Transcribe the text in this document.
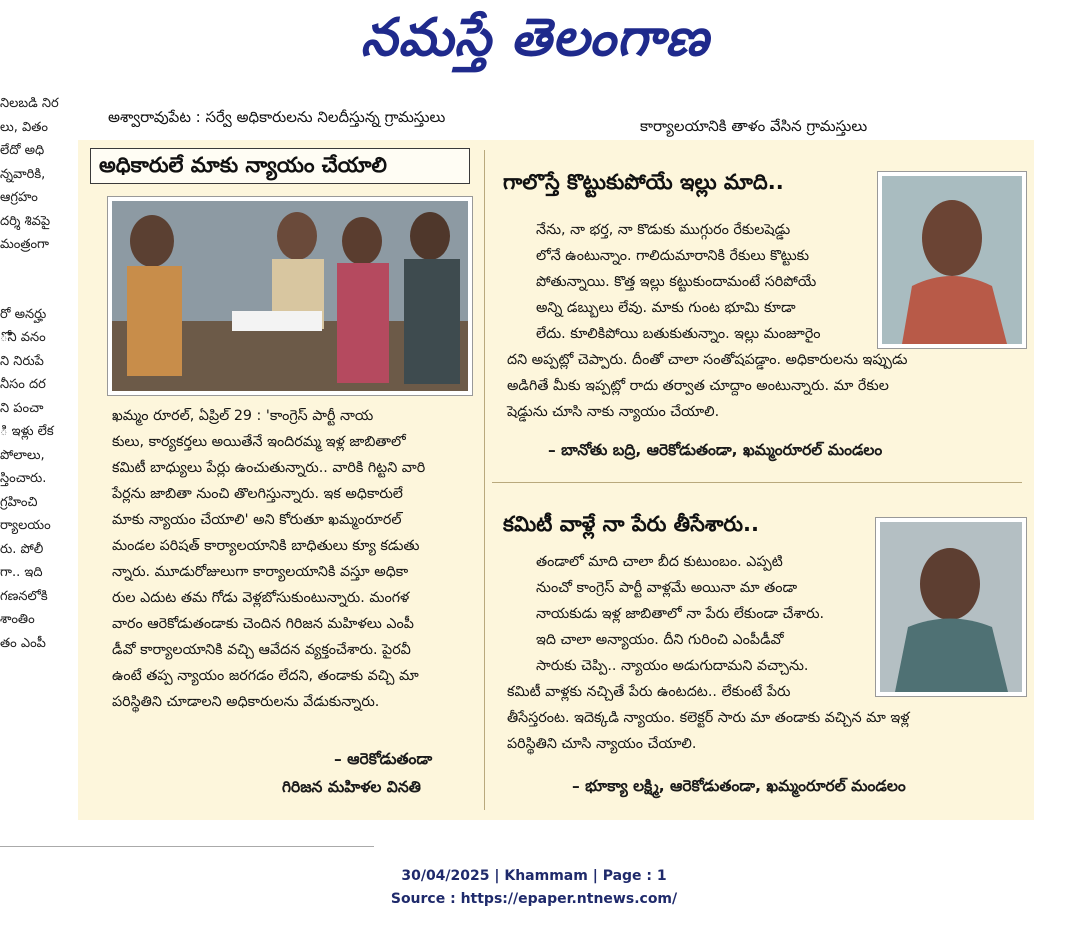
నమస్తే తెలంగాణ
అశ్వారావుపేట : సర్వే అధికారులను నిలదీస్తున్న గ్రామస్తులు	కార్యాలయానికి తాళం వేసిన గ్రామస్తులు
నిలబడి నిర
లు, వితం
లేదో అధి
న్నవారికి,
ఆగ్రహం
దర్శి శివపై
మంత్రంగా
రో అనర్హు
ోని వనం
ని నిరుపే
నీసం దర
ని పంచా
ి ఇళ్లు లేక
పోలాలు,
స్తించారు.
గ్రహించి
ర్యాలయం
రు. పోలీ
గా.. ఇది
గణనలోకి
శాంతిం
తం ఎంపీ
అధికారులే మాకు న్యాయం చేయాలి
ఖమ్మం రూరల్, ఏప్రిల్ 29 : 'కాంగ్రెస్ పార్టీ నాయ
కులు, కార్యకర్తలు అయితేనే ఇందిరమ్మ ఇళ్ల జాబితాలో
కమిటీ బాధ్యులు పేర్లు ఉంచుతున్నారు.. వారికి గిట్టని వారి
పేర్లను జాబితా నుంచి తొలగిస్తున్నారు. ఇక అధికారులే
మాకు న్యాయం చేయాలి' అని కోరుతూ ఖమ్మంరూరల్
మండల పరిషత్ కార్యాలయానికి బాధితులు క్యూ కడుతు
న్నారు. మూడురోజులుగా కార్యాలయానికి వస్తూ అధికా
రుల ఎదుట తమ గోడు వెళ్లబోసుకుంటున్నారు. మంగళ
వారం ఆరెకోడుతండాకు చెందిన గిరిజన మహిళలు ఎంపీ
డీవో కార్యాలయానికి వచ్చి ఆవేదన వ్యక్తంచేశారు. పైరవీ
ఉంటే తప్ప న్యాయం జరగడం లేదని, తండాకు వచ్చి మా
పరిస్థితిని చూడాలని అధికారులను వేడుకున్నారు.
– ఆరెకోడుతండా
గిరిజన మహిళల వినతి
గాలొస్తే కొట్టుకుపోయే ఇల్లు మాది..
నేను, నా భర్త, నా కొడుకు ముగ్గురం రేకులషెడ్డు
లోనే ఉంటున్నాం. గాలిదుమారానికి రేకులు కొట్టుకు
పోతున్నాయి. కొత్త ఇల్లు కట్టుకుందామంటే సరిపోయే
అన్ని డబ్బులు లేవు. మాకు గుంట భూమి కూడా
లేదు. కూలికిపోయి బతుకుతున్నాం. ఇల్లు మంజూరైం
దని అప్పట్లో చెప్పారు. దీంతో చాలా సంతోషపడ్డాం. అధికారులను ఇప్పుడు
అడిగితే మీకు ఇప్పట్లో రాదు తర్వాత చూద్దాం అంటున్నారు. మా రేకుల
షెడ్డును చూసి నాకు న్యాయం చేయాలి.
– బానోతు బద్రి, ఆరెకోడుతండా, ఖమ్మంరూరల్ మండలం
కమిటీ వాళ్లే నా పేరు తీసేశారు..
తండాలో మాది చాలా బీద కుటుంబం. ఎప్పటి
నుంచో కాంగ్రెస్ పార్టీ వాళ్లమే అయినా మా తండా
నాయకుడు ఇళ్ల జాబితాలో నా పేరు లేకుండా చేశారు.
ఇది చాలా అన్యాయం. దీని గురించి ఎంపీడీవో
సారుకు చెప్పి.. న్యాయం అడుగుదామని వచ్చాను.
కమిటీ వాళ్లకు నచ్చితే పేరు ఉంటదట.. లేకుంటే పేరు
తీసేస్తరంట. ఇదెక్కడి న్యాయం. కలెక్టర్ సారు మా తండాకు వచ్చిన మా ఇళ్ల
పరిస్థితిని చూసి న్యాయం చేయాలి.
– భూక్యా లక్ష్మి, ఆరెకోడుతండా, ఖమ్మంరూరల్ మండలం
30/04/2025 | Khammam | Page : 1
Source : https://epaper.ntnews.com/
